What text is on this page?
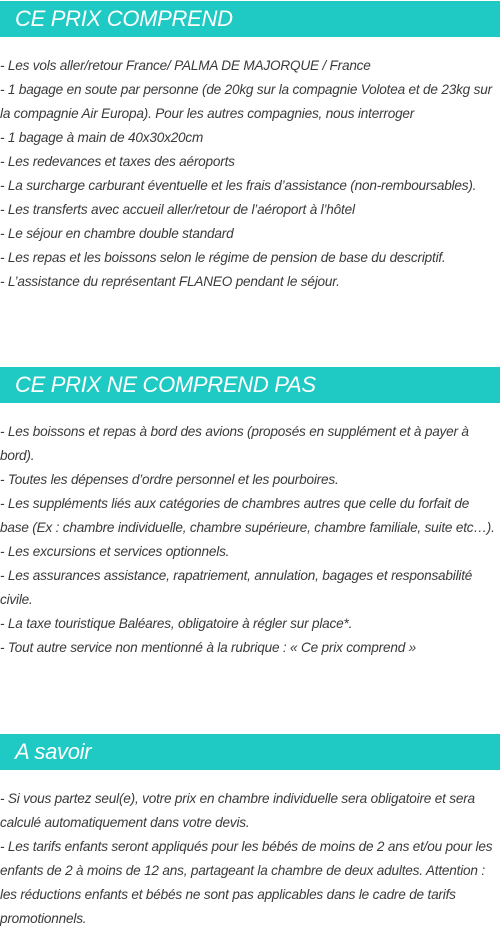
CE PRIX COMPREND
- Les vols aller/retour France/ PALMA DE MAJORQUE / France
- 1 bagage en soute par personne (de 20kg sur la compagnie Volotea et de 23kg sur la compagnie Air Europa). Pour les autres compagnies, nous interroger
- 1 bagage à main de 40x30x20cm
- Les redevances et taxes des aéroports
- La surcharge carburant éventuelle et les frais d’assistance (non-remboursables).
- Les transferts avec accueil aller/retour de l’aéroport à l’hôtel
- Le séjour en chambre double standard
- Les repas et les boissons selon le régime de pension de base du descriptif.
- L’assistance du représentant FLANEO pendant le séjour.
CE PRIX NE COMPREND PAS
- Les boissons et repas à bord des avions (proposés en supplément et à payer à bord).
- Toutes les dépenses d’ordre personnel et les pourboires.
- Les suppléments liés aux catégories de chambres autres que celle du forfait de base (Ex : chambre individuelle, chambre supérieure, chambre familiale, suite etc…).
- Les excursions et services optionnels.
- Les assurances assistance, rapatriement, annulation, bagages et responsabilité civile.
- La taxe touristique Baléares, obligatoire à régler sur place*.
- Tout autre service non mentionné à la rubrique : « Ce prix comprend »
A savoir
- Si vous partez seul(e), votre prix en chambre individuelle sera obligatoire et sera calculé automatiquement dans votre devis.
- Les tarifs enfants seront appliqués pour les bébés de moins de 2 ans et/ou pour les enfants de 2 à moins de 12 ans, partageant la chambre de deux adultes. Attention : les réductions enfants et bébés ne sont pas applicables dans le cadre de tarifs promotionnels.
